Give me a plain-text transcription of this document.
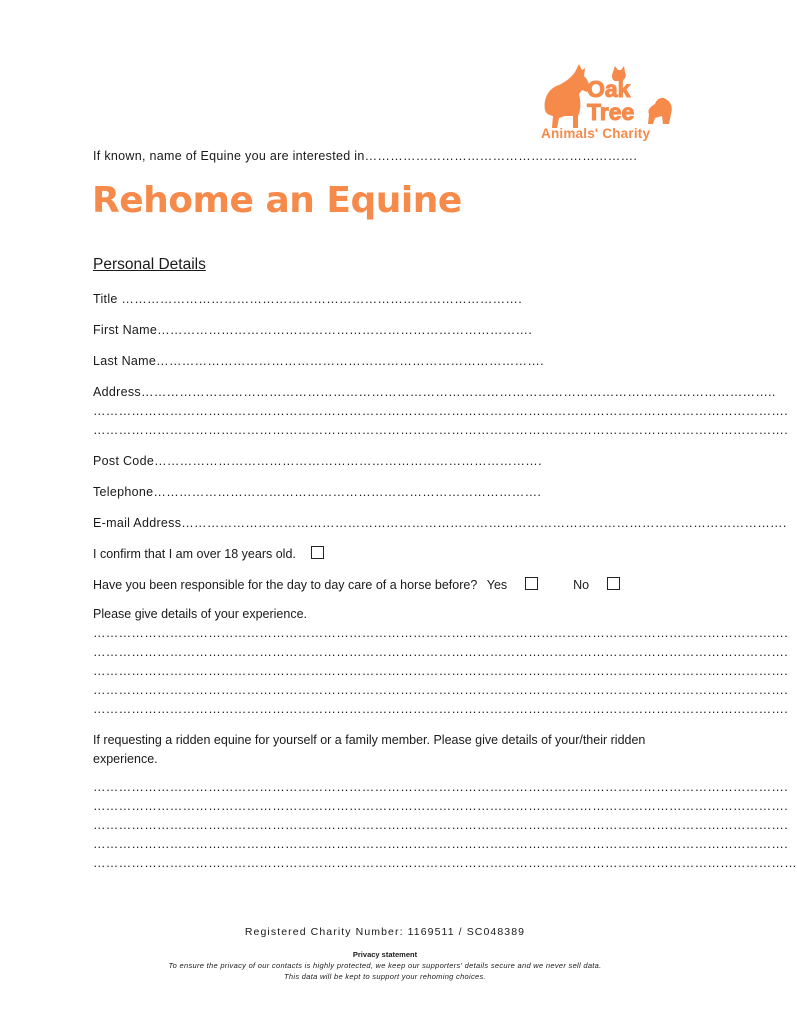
Oak
Tree
Animals' Charity
If known, name of Equine you are interested in……………………………………………………….
Rehome an Equine
Personal Details
Title ………………………………………………………………………………….
First Name…………………………………………………………………………….
Last Name……………………………………………………………………………….
Address…………………………………………………………………………………………………………………………………..
……………………………………………………………………………………………………………………………………………….
……………………………………………………………………………………………………………………………………………….
Post Code……………………………………………………………………………….
Telephone……………………………………………………………………………….
E-mail Address…………………………………………………………………………………………………………………………….
I confirm that I am over 18 years old.
Have you been responsible for the day to day care of a horse before? Yes	No
Please give details of your experience.
……………………………………………………………………………………………………………………………………………….
……………………………………………………………………………………………………………………………………………….
……………………………………………………………………………………………………………………………………………….
……………………………………………………………………………………………………………………………………………….
……………………………………………………………………………………………………………………………………………….
If requesting a ridden equine for yourself or a family member. Please give details of your/their ridden experience.
……………………………………………………………………………………………………………………………………………….
……………………………………………………………………………………………………………………………………………….
……………………………………………………………………………………………………………………………………………….
……………………………………………………………………………………………………………………………………………….
…………………………………………………………………………………………………………………………………………………
Registered Charity Number: 1169511 / SC048389
Privacy statement
To ensure the privacy of our contacts is highly protected, we keep our supporters' details secure and we never sell data.
This data will be kept to support your rehoming choices.
